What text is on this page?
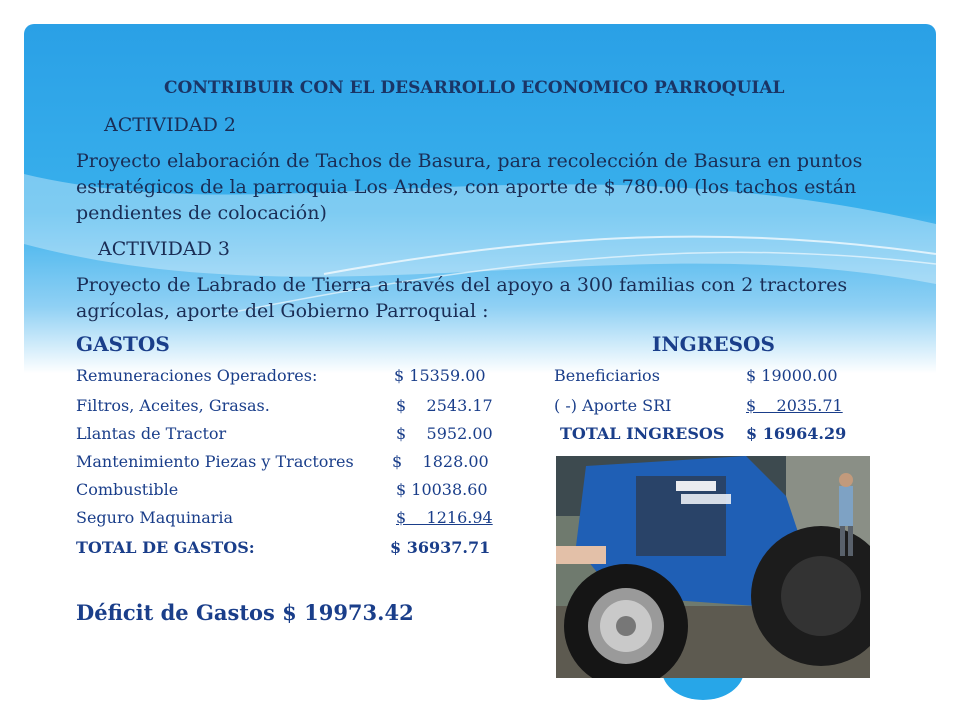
CONTRIBUIR CON EL DESARROLLO ECONOMICO PARROQUIAL
ACTIVIDAD 2
Proyecto elaboración de Tachos de Basura, para recolección de Basura en puntos estratégicos de la parroquia Los Andes, con aporte de $ 780.00 (los tachos están pendientes de colocación)
ACTIVIDAD 3
Proyecto de Labrado de Tierra a través del apoyo a 300 familias con 2 tractores agrícolas, aporte del Gobierno Parroquial :
GASTOS	INGRESOS
Remuneraciones Operadores:	$ 15359.00
Filtros, Aceites, Grasas.	$    2543.17
Llantas de Tractor	$    5952.00
Mantenimiento Piezas y Tractores $    1828.00
Combustible	$ 10038.60
Seguro Maquinaria	$    1216.94
TOTAL DE GASTOS:	$ 36937.71
Beneficiarios	$ 19000.00
( -) Aporte SRI	$    2035.71
TOTAL INGRESOS $ 16964.29
Déficit de Gastos $ 19973.42
